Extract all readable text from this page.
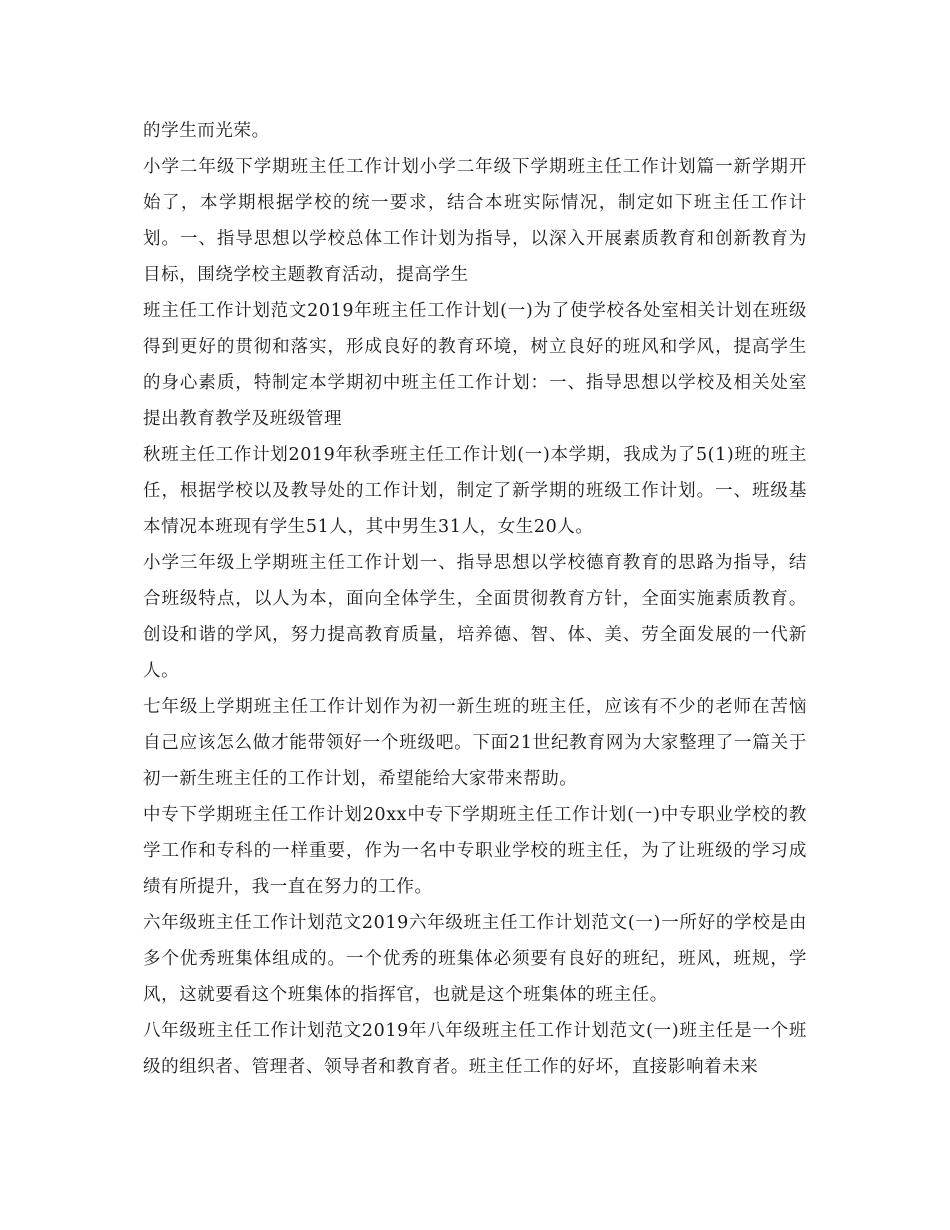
的学生而光荣。

小学二年级下学期班主任工作计划小学二年级下学期班主任工作计划篇一新学期开始了，本学期根据学校的统一要求，结合本班实际情况，制定如下班主任工作计划。一、指导思想以学校总体工作计划为指导，以深入开展素质教育和创新教育为目标，围绕学校主题教育活动，提高学生

班主任工作计划范文2019年班主任工作计划(一)为了使学校各处室相关计划在班级得到更好的贯彻和落实，形成良好的教育环境，树立良好的班风和学风，提高学生的身心素质，特制定本学期初中班主任工作计划：一、指导思想以学校及相关处室提出教育教学及班级管理

秋班主任工作计划2019年秋季班主任工作计划(一)本学期，我成为了5(1)班的班主任，根据学校以及教导处的工作计划，制定了新学期的班级工作计划。一、班级基本情况本班现有学生51人，其中男生31人，女生20人。

小学三年级上学期班主任工作计划一、指导思想以学校德育教育的思路为指导，结合班级特点，以人为本，面向全体学生，全面贯彻教育方针，全面实施素质教育。创设和谐的学风，努力提高教育质量，培养德、智、体、美、劳全面发展的一代新人。

七年级上学期班主任工作计划作为初一新生班的班主任，应该有不少的老师在苦恼自己应该怎么做才能带领好一个班级吧。下面21世纪教育网为大家整理了一篇关于初一新生班主任的工作计划，希望能给大家带来帮助。

中专下学期班主任工作计划20xx中专下学期班主任工作计划(一)中专职业学校的教学工作和专科的一样重要，作为一名中专职业学校的班主任，为了让班级的学习成绩有所提升，我一直在努力的工作。

六年级班主任工作计划范文2019六年级班主任工作计划范文(一)一所好的学校是由多个优秀班集体组成的。一个优秀的班集体必须要有良好的班纪，班风，班规，学风，这就要看这个班集体的指挥官，也就是这个班集体的班主任。

八年级班主任工作计划范文2019年八年级班主任工作计划范文(一)班主任是一个班级的组织者、管理者、领导者和教育者。班主任工作的好坏，直接影响着未来
